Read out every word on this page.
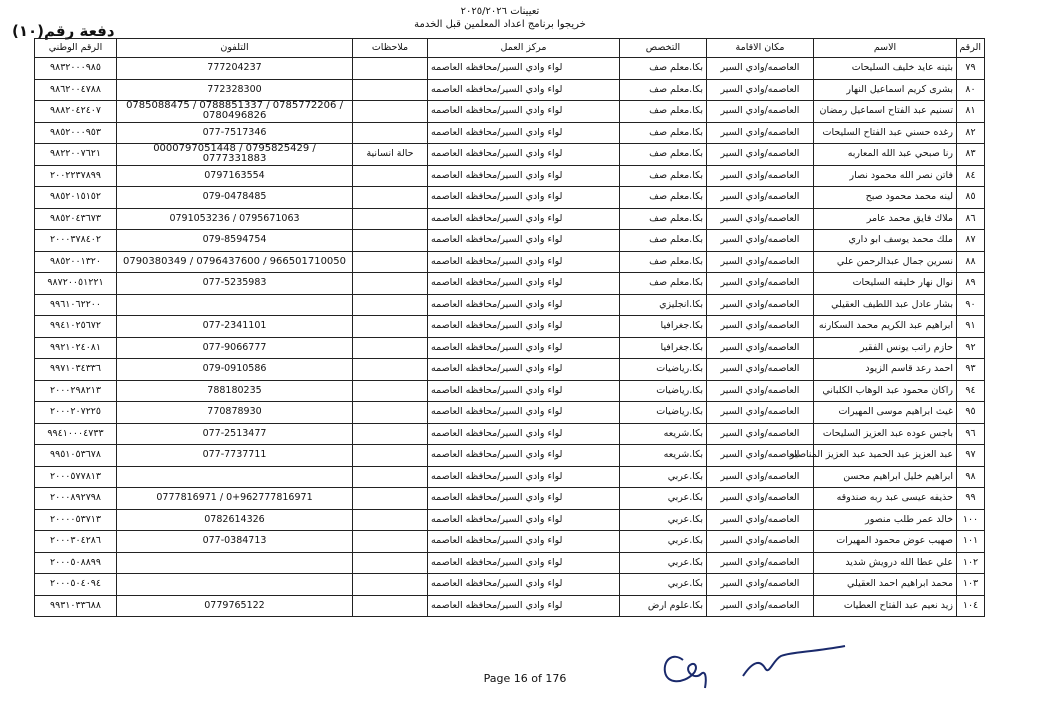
تعيينات ٢٠٢٥/٢٠٢٦
خريجوا برنامج اعداد المعلمين قبل الخدمة
دفعة رقم(١٠)
الرقم	الاسم	مكان الاقامة	التخصص	مركز العمل	ملاحظات	التلفون	الرقم الوطني
٧٩	بثينه عايد خليف السليحات	العاصمه/وادي السير	بكا.معلم صف	لواء وادي السير/محافظه العاصمه		777204237	٩٨٣٢٠٠٠٩٨٥
٨٠	بشرى كريم اسماعيل النهار	العاصمه/وادي السير	بكا.معلم صف	لواء وادي السير/محافظه العاصمه		772328300	٩٨٦٢٠٠٤٧٨٨
٨١	تسنيم عبد الفتاح اسماعيل رمضان	العاصمه/وادي السير	بكا.معلم صف	لواء وادي السير/محافظه العاصمه		0785088475 / 0788851337 / 0785772206 / 0780496826	٩٨٨٢٠٤٢٤٠٧
٨٢	رغده حسني عبد الفتاح السليحات	العاصمه/وادي السير	بكا.معلم صف	لواء وادي السير/محافظه العاصمه		077-7517346	٩٨٥٢٠٠٠٩٥٣
٨٣	رنا صبحي عبد الله المعاربه	العاصمه/وادي السير	بكا.معلم صف	لواء وادي السير/محافظه العاصمه	حالة انسانية	0000797051448 / 0795825429 / 0777331883	٩٨٢٢٠٠٧٦٢١
٨٤	فاتن نصر الله محمود نصار	العاصمه/وادي السير	بكا.معلم صف	لواء وادي السير/محافظه العاصمه		0797163554	٢٠٠٢٢٣٧٨٩٩
٨٥	لينه محمد محمود صبح	العاصمه/وادي السير	بكا.معلم صف	لواء وادي السير/محافظه العاصمه		079-0478485	٩٨٥٢٠١٥١٥٢
٨٦	ملاك فايق محمد عامر	العاصمه/وادي السير	بكا.معلم صف	لواء وادي السير/محافظه العاصمه		0791053236 / 0795671063	٩٨٥٢٠٤٣٦٧٣
٨٧	ملك محمد يوسف ابو داري	العاصمه/وادي السير	بكا.معلم صف	لواء وادي السير/محافظه العاصمه		079-8594754	٢٠٠٠٣٧٨٤٠٢
٨٨	نسرين جمال عبدالرحمن علي	العاصمه/وادي السير	بكا.معلم صف	لواء وادي السير/محافظه العاصمه		0790380349 / 0796437600 / 966501710050	٩٨٥٢٠٠١٣٢٠
٨٩	نوال نهار خليفه السليحات	العاصمه/وادي السير	بكا.معلم صف	لواء وادي السير/محافظه العاصمه		077-5235983	٩٨٧٢٠٠٥١٢٢١
٩٠	بشار عادل عبد اللطيف العقيلي	العاصمه/وادي السير	بكا.انجليزي	لواء وادي السير/محافظه العاصمه			٩٩٦١٠٦٢٢٠٠
٩١	ابراهيم عبد الكريم محمد السكارنه	العاصمه/وادي السير	بكا.جغرافيا	لواء وادي السير/محافظه العاصمه		077-2341101	٩٩٤١٠٢٥٦٧٢
٩٢	حازم راتب يونس الفقير	العاصمه/وادي السير	بكا.جغرافيا	لواء وادي السير/محافظه العاصمه		077-9066777	٩٩٢١٠٢٤٠٨١
٩٣	احمد رعد قاسم الزيود	العاصمه/وادي السير	بكا.رياضيات	لواء وادي السير/محافظه العاصمه		079-0910586	٩٩٧١٠٣٤٣٣٦
٩٤	راكان محمود عبد الوهاب الكلباني	العاصمه/وادي السير	بكا.رياضيات	لواء وادي السير/محافظه العاصمه		788180235	٢٠٠٠٢٩٨٢١٣
٩٥	غيث ابراهيم موسى المهيرات	العاصمه/وادي السير	بكا.رياضيات	لواء وادي السير/محافظه العاصمه		770878930	٢٠٠٠٢٠٧٢٢٥
٩٦	باجس عوده عبد العزيز السليحات	العاصمه/وادي السير	بكا.شريعه	لواء وادي السير/محافظه العاصمه		077-2513477	٩٩٤١٠٠٠٤٧٣٣
٩٧	عبد العزيز عبد الحميد عبد العزيز المناصير	العاصمه/وادي السير	بكا.شريعه	لواء وادي السير/محافظه العاصمه		077-7737711	٩٩٥١٠٥٣٦٧٨
٩٨	ابراهيم خليل ابراهيم محسن	العاصمه/وادي السير	بكا.عربي	لواء وادي السير/محافظه العاصمه			٢٠٠٠٥٧٧٨١٣
٩٩	حذيفه عيسى عبد ربه صندوقه	العاصمه/وادي السير	بكا.عربي	لواء وادي السير/محافظه العاصمه		0777816971 / 0+962777816971	٢٠٠٠٨٩٢٧٩٨
١٠٠	خالد عمر طلب منصور	العاصمه/وادي السير	بكا.عربي	لواء وادي السير/محافظه العاصمه		0782614326	٢٠٠٠٠٥٣٧١٣
١٠١	صهيب عوض محمود المهيرات	العاصمه/وادي السير	بكا.عربي	لواء وادي السير/محافظه العاصمه		077-0384713	٢٠٠٠٣٠٤٢٨٦
١٠٢	علي عطا الله درويش شديد	العاصمه/وادي السير	بكا.عربي	لواء وادي السير/محافظه العاصمه			٢٠٠٠٥٠٨٨٩٩
١٠٣	محمد ابراهيم احمد العقيلي	العاصمه/وادي السير	بكا.عربي	لواء وادي السير/محافظه العاصمه			٢٠٠٠٥٠٤٠٩٤
١٠٤	زيد نعيم عبد الفتاح العطيات	العاصمه/وادي السير	بكا.علوم ارض	لواء وادي السير/محافظه العاصمه		0779765122	٩٩٣١٠٣٣٦٨٨
Page 16 of 176
